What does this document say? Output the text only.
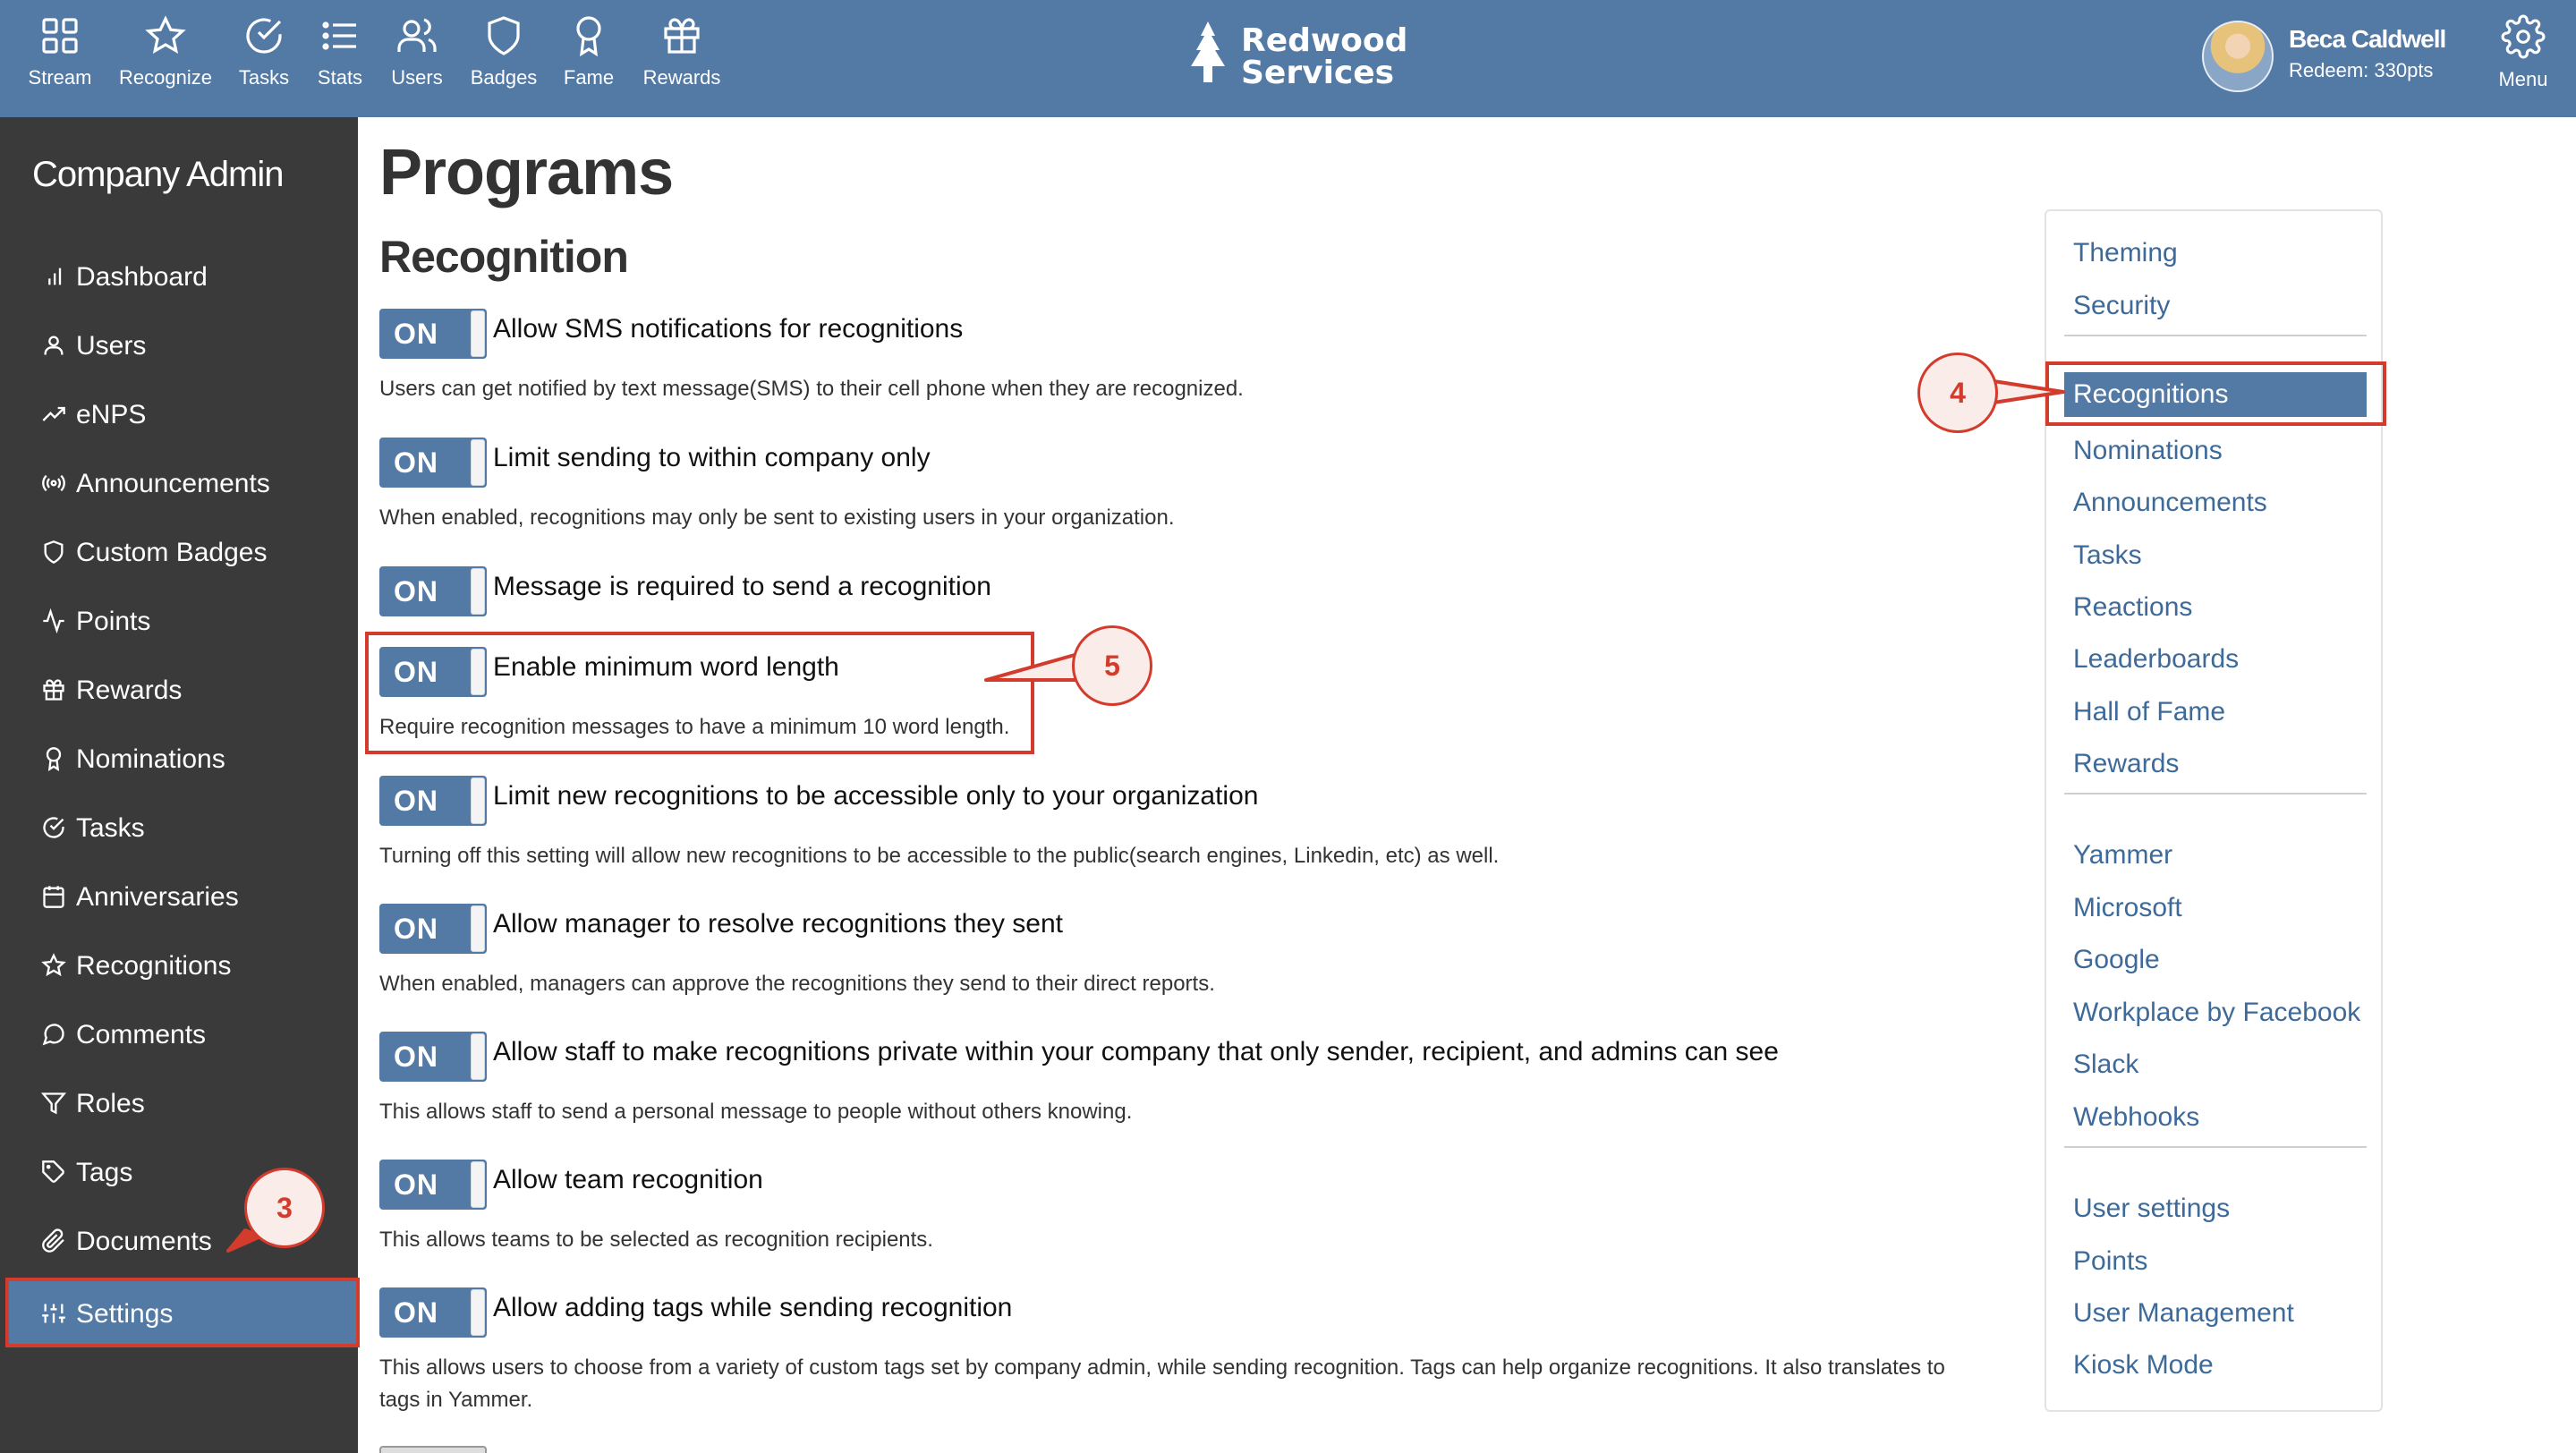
Stream	Recognize	Tasks	Stats	Users	Badges	Fame	Rewards
Redwood
Services
Beca Caldwell
Redeem: 330pts	Menu
Company Admin
Dashboard
Users
eNPS
Announcements
Custom Badges
Points
Rewards
Nominations
Tasks
Anniversaries
Recognitions
Comments
Roles
Tags
Documents
Settings
Programs
Recognition
ON Allow SMS notifications for recognitions
Users can get notified by text message(SMS) to their cell phone when they are recognized.
ON Limit sending to within company only
When enabled, recognitions may only be sent to existing users in your organization.
ON Message is required to send a recognition
ON Enable minimum word length
Require recognition messages to have a minimum 10 word length.
ON Limit new recognitions to be accessible only to your organization
Turning off this setting will allow new recognitions to be accessible to the public(search engines, Linkedin, etc) as well.
ON Allow manager to resolve recognitions they sent
When enabled, managers can approve the recognitions they send to their direct reports.
ON Allow staff to make recognitions private within your company that only sender, recipient, and admins can see
This allows staff to send a personal message to people without others knowing.
ON Allow team recognition
This allows teams to be selected as recognition recipients.
ON Allow adding tags while sending recognition
This allows users to choose from a variety of custom tags set by company admin, while sending recognition. Tags can help organize recognitions. It also translates to tags in Yammer.
Theming
Security
Recognitions
Nominations
Announcements
Tasks
Reactions
Leaderboards
Hall of Fame
Rewards
Yammer
Microsoft
Google
Workplace by Facebook
Slack
Webhooks
User settings
Points
User Management
Kiosk Mode
3
4
5
